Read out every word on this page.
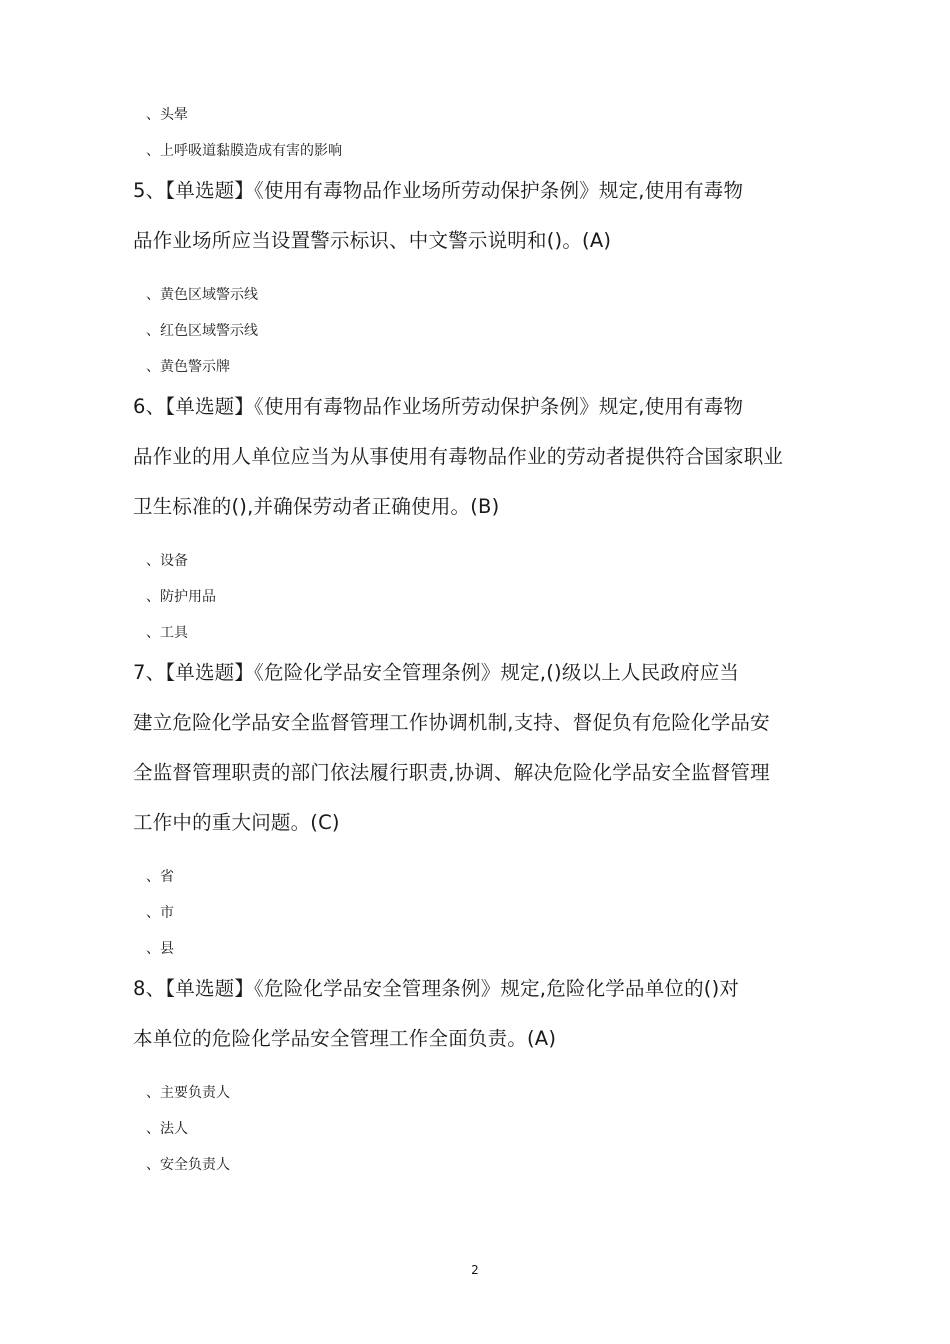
、头晕
、上呼吸道黏膜造成有害的影响
5、【单选题】《使用有毒物品作业场所劳动保护条例》规定,使用有毒物
品作业场所应当设置警示标识、中文警示说明和()。(A)
、黄色区域警示线
、红色区域警示线
、黄色警示牌
6、【单选题】《使用有毒物品作业场所劳动保护条例》规定,使用有毒物
品作业的用人单位应当为从事使用有毒物品作业的劳动者提供符合国家职业
卫生标准的(),并确保劳动者正确使用。(B)
、设备
、防护用品
、工具
7、【单选题】《危险化学品安全管理条例》规定,()级以上人民政府应当
建立危险化学品安全监督管理工作协调机制,支持、督促负有危险化学品安
全监督管理职责的部门依法履行职责,协调、解决危险化学品安全监督管理
工作中的重大问题。(C)
、省
、市
、县
8、【单选题】《危险化学品安全管理条例》规定,危险化学品单位的()对
本单位的危险化学品安全管理工作全面负责。(A)
、主要负责人
、法人
、安全负责人
2
